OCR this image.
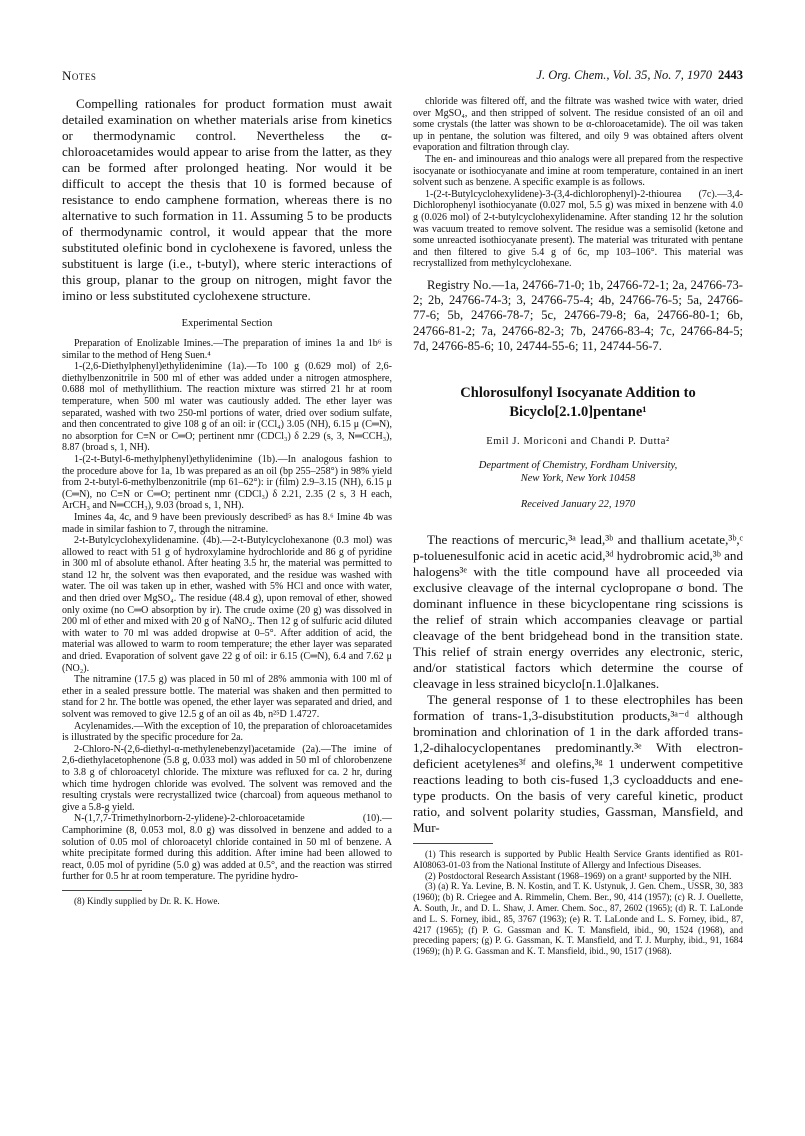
Notes	J. Org. Chem., Vol. 35, No. 7, 1970 2443

Compelling rationales for product formation must await detailed examination on whether materials arise from kinetics or thermodynamic control. Nevertheless the α-chloroacetamides would appear to arise from the latter, as they can be formed after prolonged heating. Nor would it be difficult to accept the thesis that 10 is formed because of resistance to endo camphene formation, whereas there is no alternative to such formation in 11. Assuming 5 to be products of thermodynamic control, it would appear that the more substituted olefinic bond in cyclohexene is favored, unless the substituent is large (i.e., t-butyl), where steric interactions of this group, planar to the group on nitrogen, might favor the imino or less substituted cyclohexene structure.

Experimental Section

Preparation of Enolizable Imines.—The preparation of imines 1a and 1b⁶ is similar to the method of Heng Suen.⁴

1-(2,6-Diethylphenyl)ethylidenimine (1a).—To 100 g (0.629 mol) of 2,6-diethylbenzonitrile in 500 ml of ether was added under a nitrogen atmosphere, 0.688 mol of methyllithium. The reaction mixture was stirred 21 hr at room temperature, when 500 ml water was cautiously added. The ether layer was separated, washed with two 250-ml portions of water, dried over sodium sulfate, and then concentrated to give 108 g of an oil: ir (CCl₄) 3.05 (NH), 6.15 μ (C═N), no absorption for C≡N or C═O; pertinent nmr (CDCl₃) δ 2.29 (s, 3, N═CCH₃), 8.87 (broad s, 1, NH).

1-(2-t-Butyl-6-methylphenyl)ethylidenimine (1b).—In analogous fashion to the procedure above for 1a, 1b was prepared as an oil (bp 255–258°) in 98% yield from 2-t-butyl-6-methylbenzonitrile (mp 61–62°): ir (film) 2.9–3.15 (NH), 6.15 μ (C═N), no C≡N or C═O; pertinent nmr (CDCl₃) δ 2.21, 2.35 (2 s, 3 H each, ArCH₃ and N═CCH₃), 9.03 (broad s, 1, NH).

Imines 4a, 4c, and 9 have been previously described⁵ as has 8.⁶ Imine 4b was made in similar fashion to 7, through the nitramine.

2-t-Butylcyclohexylidenamine. (4b).—2-t-Butylcyclohexanone (0.3 mol) was allowed to react with 51 g of hydroxylamine hydrochloride and 86 g of pyridine in 300 ml of absolute ethanol. After heating 3.5 hr, the material was permitted to stand 12 hr, the solvent was then evaporated, and the residue was washed with water. The oil was taken up in ether, washed with 5% HCl and once with water, and then dried over MgSO₄. The residue (48.4 g), upon removal of ether, showed only oxime (no C═O absorption by ir). The crude oxime (20 g) was dissolved in 200 ml of ether and mixed with 20 g of NaNO₂. Then 12 g of sulfuric acid diluted with water to 70 ml was added dropwise at 0–5°. After addition of acid, the material was allowed to warm to room temperature; the ether layer was separated and dried. Evaporation of solvent gave 22 g of oil: ir 6.15 (C═N), 6.4 and 7.62 μ (NO₂).

The nitramine (17.5 g) was placed in 50 ml of 28% ammonia with 100 ml of ether in a sealed pressure bottle. The material was shaken and then permitted to stand for 2 hr. The bottle was opened, the ether layer was separated and dried, and solvent was removed to give 12.5 g of an oil as 4b, n²⁵D 1.4727.

Acylenamides.—With the exception of 10, the preparation of chloroacetamides is illustrated by the specific procedure for 2a.

2-Chloro-N-(2,6-diethyl-α-methylenebenzyl)acetamide (2a).—The imine of 2,6-diethylacetophenone (5.8 g, 0.033 mol) was added in 50 ml of chlorobenzene to 3.8 g of chloroacetyl chloride. The mixture was refluxed for ca. 2 hr, during which time hydrogen chloride was evolved. The solvent was removed and the resulting crystals were recrystallized twice (charcoal) from aqueous methanol to give a 5.8-g yield.

N-(1,7,7-Trimethylnorborn-2-ylidene)-2-chloroacetamide (10).—Camphorimine (8, 0.053 mol, 8.0 g) was dissolved in benzene and added to a solution of 0.05 mol of chloroacetyl chloride contained in 50 ml of benzene. A white precipitate formed during this addition. After imine had been allowed to react, 0.05 mol of pyridine (5.0 g) was added at 0.5°, and the reaction was stirred further for 0.5 hr at room temperature. The pyridine hydro-

(8) Kindly supplied by Dr. R. K. Howe.

chloride was filtered off, and the filtrate was washed twice with water, dried over MgSO₄, and then stripped of solvent. The residue consisted of an oil and some crystals (the latter was shown to be α-chloroacetamide). The oil was taken up in pentane, the solution was filtered, and oily 9 was obtained afters olvent evaporation and filtration through clay.

The en- and iminoureas and thio analogs were all prepared from the respective isocyanate or isothiocyanate and imine at room temperature, contained in an inert solvent such as benzene. A specific example is as follows.

1-(2-t-Butylcyclohexylidene)-3-(3,4-dichlorophenyl)-2-thiourea (7c).—3,4-Dichlorophenyl isothiocyanate (0.027 mol, 5.5 g) was mixed in benzene with 4.0 g (0.026 mol) of 2-t-butylcyclohexylidenamine. After standing 12 hr the solution was vacuum treated to remove solvent. The residue was a semisolid (ketone and some unreacted isothiocyanate present). The material was triturated with pentane and then filtered to give 5.4 g of 6c, mp 103–106°. This material was recrystallized from methylcyclohexane.

Registry No.—1a, 24766-71-0; 1b, 24766-72-1; 2a, 24766-73-2; 2b, 24766-74-3; 3, 24766-75-4; 4b, 24766-76-5; 5a, 24766-77-6; 5b, 24766-78-7; 5c, 24766-79-8; 6a, 24766-80-1; 6b, 24766-81-2; 7a, 24766-82-3; 7b, 24766-83-4; 7c, 24766-84-5; 7d, 24766-85-6; 10, 24744-55-6; 11, 24744-56-7.

Chlorosulfonyl Isocyanate Addition to
Bicyclo[2.1.0]pentane¹
Emil J. Moriconi and Chandi P. Dutta²
Department of Chemistry, Fordham University,
New York, New York 10458
Received January 22, 1970

The reactions of mercuric,³ᵃ lead,³ᵇ and thallium acetate,³ᵇ,ᶜ p-toluenesulfonic acid in acetic acid,³ᵈ hydrobromic acid,³ᵇ and halogens³ᵉ with the title compound have all proceeded via exclusive cleavage of the internal cyclopropane σ bond. The dominant influence in these bicyclopentane ring scissions is the relief of strain which accompanies cleavage or partial cleavage of the bent bridgehead bond in the transition state. This relief of strain energy overrides any electronic, steric, and/or statistical factors which determine the course of cleavage in less strained bicyclo[n.1.0]alkanes.

The general response of 1 to these electrophiles has been formation of trans-1,3-disubstitution products,³ᵃ⁻ᵈ although bromination and chlorination of 1 in the dark afforded trans-1,2-dihalocyclopentanes predominantly.³ᵉ With electron-deficient acetylenes³ᶠ and olefins,³ᵍ 1 underwent competitive reactions leading to both cis-fused 1,3 cycloadducts and ene-type products. On the basis of very careful kinetic, product ratio, and solvent polarity studies, Gassman, Mansfield, and Mur-

(1) This research is supported by Public Health Service Grants identified as R01-AI08063-01-03 from the National Institute of Allergy and Infectious Diseases.

(2) Postdoctoral Research Assistant (1968–1969) on a grant¹ supported by the NIH.

(3) (a) R. Ya. Levine, B. N. Kostin, and T. K. Ustynuk, J. Gen. Chem., USSR, 30, 383 (1960); (b) R. Criegee and A. Rimmelin, Chem. Ber., 90, 414 (1957); (c) R. J. Ouellette, A. South, Jr., and D. L. Shaw, J. Amer. Chem. Soc., 87, 2602 (1965); (d) R. T. LaLonde and L. S. Forney, ibid., 85, 3767 (1963); (e) R. T. LaLonde and L. S. Forney, ibid., 87, 4217 (1965); (f) P. G. Gassman and K. T. Mansfield, ibid., 90, 1524 (1968), and preceding papers; (g) P. G. Gassman, K. T. Mansfield, and T. J. Murphy, ibid., 91, 1684 (1969); (h) P. G. Gassman and K. T. Mansfield, ibid., 90, 1517 (1968).
